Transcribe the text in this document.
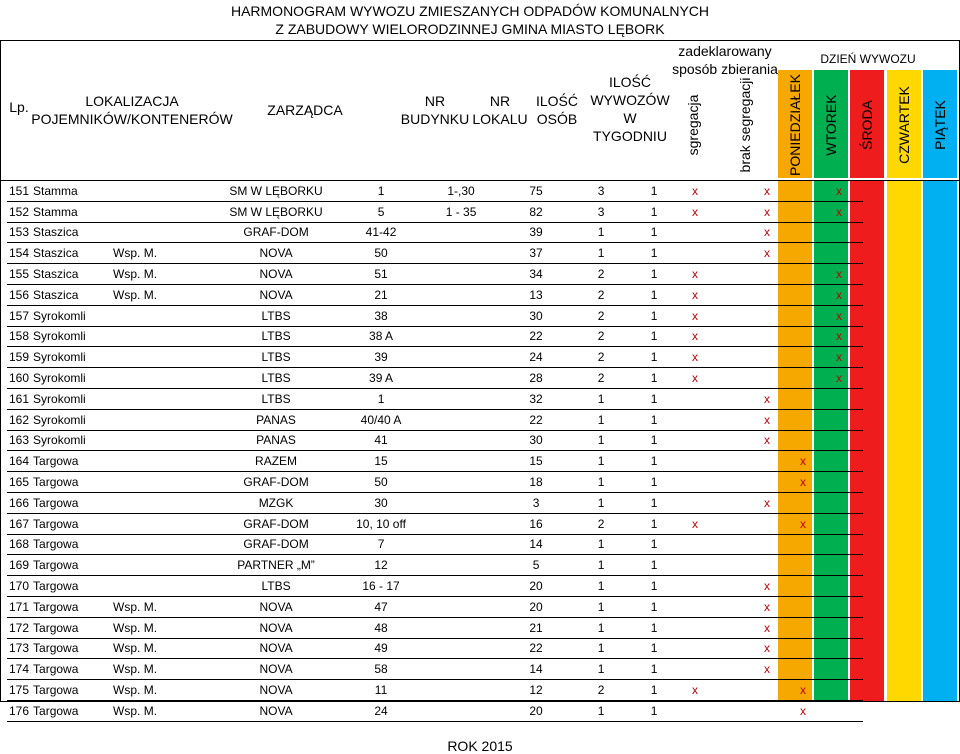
HARMONOGRAM WYWOZU ZMIESZANYCH ODPADÓW KOMUNALNYCH
Z ZABUDOWY WIELORODZINNEJ GMINA MIASTO LĘBORK
Lp.	LOKALIZACJA
POJEMNIKÓW/KONTENERÓW
ZARZĄDCA
NR
BUDYNKU
NR
LOKALU
ILOŚĆ
OSÓB
ILOŚĆ
WYWOZÓW
W TYGODNIU
zadeklarowany
sposób zbierania
sgregacja	brak segregacji
DZIEŃ WYWOZU
PONIEDZIAŁEK WTOREK ŚRODA CZWARTEK PIĄTEK
151	Stamma		SM W LĘBORKU	1	1-,30	75	3	1	x		x		x	
152	Stamma		SM W LĘBORKU	5	1 - 35	82	3	1	x		x		x	
153	Staszica		GRAF-DOM	41-42		39	1	1			x			
154	Staszica	Wsp. M.	NOVA	50		37	1	1			x			
155	Staszica	Wsp. M.	NOVA	51		34	2	1	x				x	
156	Staszica	Wsp. M.	NOVA	21		13	2	1	x				x	
157	Syrokomli		LTBS	38		30	2	1	x				x	
158	Syrokomli		LTBS	38 A		22	2	1	x				x	
159	Syrokomli		LTBS	39		24	2	1	x				x	
160	Syrokomli		LTBS	39 A		28	2	1	x				x	
161	Syrokomli		LTBS	1		32	1	1			x			
162	Syrokomli		PANAS	40/40 A		22	1	1			x			
163	Syrokomli		PANAS	41		30	1	1			x			
164	Targowa		RAZEM	15		15	1	1				x		
165	Targowa		GRAF-DOM	50		18	1	1				x		
166	Targowa		MZGK	30		3	1	1			x			
167	Targowa		GRAF-DOM	10, 10 off		16	2	1	x			x		
168	Targowa		GRAF-DOM	7		14	1	1						
169	Targowa		PARTNER „M”	12		5	1	1						
170	Targowa		LTBS	16 - 17		20	1	1			x			
171	Targowa	Wsp. M.	NOVA	47		20	1	1			x			
172	Targowa	Wsp. M.	NOVA	48		21	1	1			x			
173	Targowa	Wsp. M.	NOVA	49		22	1	1			x			
174	Targowa	Wsp. M.	NOVA	58		14	1	1			x			
175	Targowa	Wsp. M.	NOVA	11		12	2	1	x			x		
176	Targowa	Wsp. M.	NOVA	24		20	1	1				x		
ROK 2015
